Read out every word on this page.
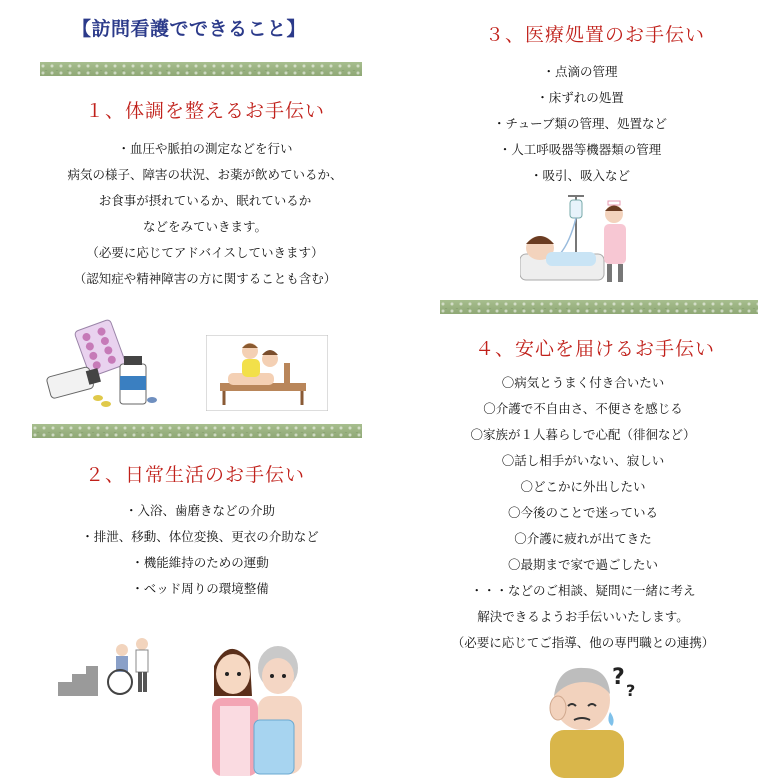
【訪問看護でできること】
１、体調を整えるお手伝い
・血圧や脈拍の測定などを行い
病気の様子、障害の状況、お薬が飲めているか、
お食事が摂れているか、眠れているか
などをみていきます。
（必要に応じてアドバイスしていきます）
（認知症や精神障害の方に関することも含む）
２、日常生活のお手伝い
・入浴、歯磨きなどの介助
・排泄、移動、体位変換、更衣の介助など
・機能維持のための運動
・ベッド周りの環境整備
３、医療処置のお手伝い
・点滴の管理
・床ずれの処置
・チューブ類の管理、処置など
・人工呼吸器等機器類の管理
・吸引、吸入など
４、安心を届けるお手伝い
〇病気とうまく付き合いたい
〇介護で不自由さ、不便さを感じる
〇家族が１人暮らしで心配（徘徊など）
〇話し相手がいない、寂しい
〇どこかに外出したい
〇今後のことで迷っている
〇介護に疲れが出てきた
〇最期まで家で過ごしたい
・・・などのご相談、疑問に一緒に考え
解決できるようお手伝いいたします。
（必要に応じてご指導、他の専門職との連携）
?
?
